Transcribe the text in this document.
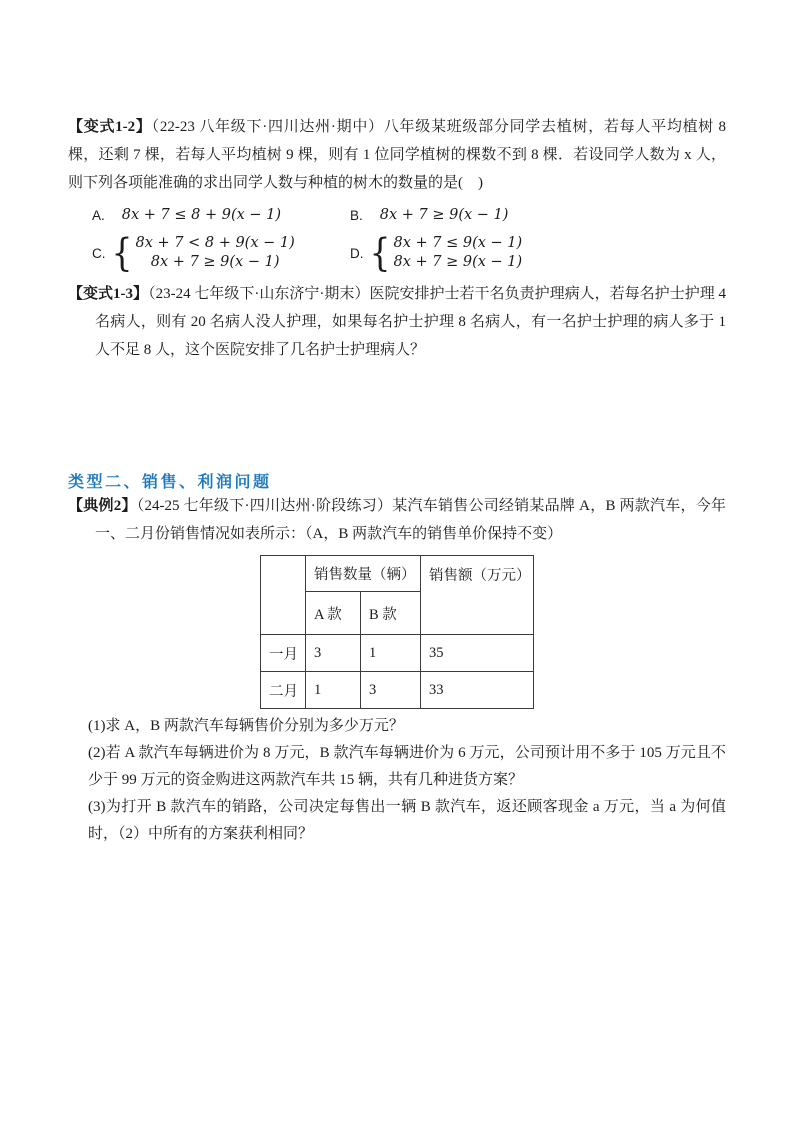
【变式1-2】（22-23 八年级下·四川达州·期中）八年级某班级部分同学去植树，若每人平均植树 8 棵，还剩 7 棵，若每人平均植树 9 棵，则有 1 位同学植树的棵数不到 8 棵．若设同学人数为 x 人，则下列各项能准确的求出同学人数与种植的树木的数量的是(　)

A. 8x + 7 ≤ 8 + 9(x − 1)	B. 8x + 7 ≥ 9(x − 1)
C. { 8x + 7 < 8 + 9(x − 1)
8x + 7 ≥ 9(x − 1)
D. { 8x + 7 ≤ 9(x − 1)
8x + 7 ≥ 9(x − 1)

【变式1-3】（23-24 七年级下·山东济宁·期末）医院安排护士若干名负责护理病人，若每名护士护理 4 名病人，则有 20 名病人没人护理，如果每名护士护理 8 名病人，有一名护士护理的病人多于 1 人不足 8 人，这个医院安排了几名护士护理病人？

类型二、销售、利润问题

【典例2】（24-25 七年级下·四川达州·阶段练习）某汽车销售公司经销某品牌 A，B 两款汽车，今年一、二月份销售情况如表所示：（A，B 两款汽车的销售单价保持不变）

	销售数量（辆）		销售额（万元）
	A 款	B 款	
一月	3	1	35
二月	1	3	33

(1)求 A，B 两款汽车每辆售价分别为多少万元？

(2)若 A 款汽车每辆进价为 8 万元，B 款汽车每辆进价为 6 万元，公司预计用不多于 105 万元且不少于 99 万元的资金购进这两款汽车共 15 辆，共有几种进货方案？

(3)为打开 B 款汽车的销路，公司决定每售出一辆 B 款汽车，返还顾客现金 a 万元，当 a 为何值时，（2）中所有的方案获利相同？
